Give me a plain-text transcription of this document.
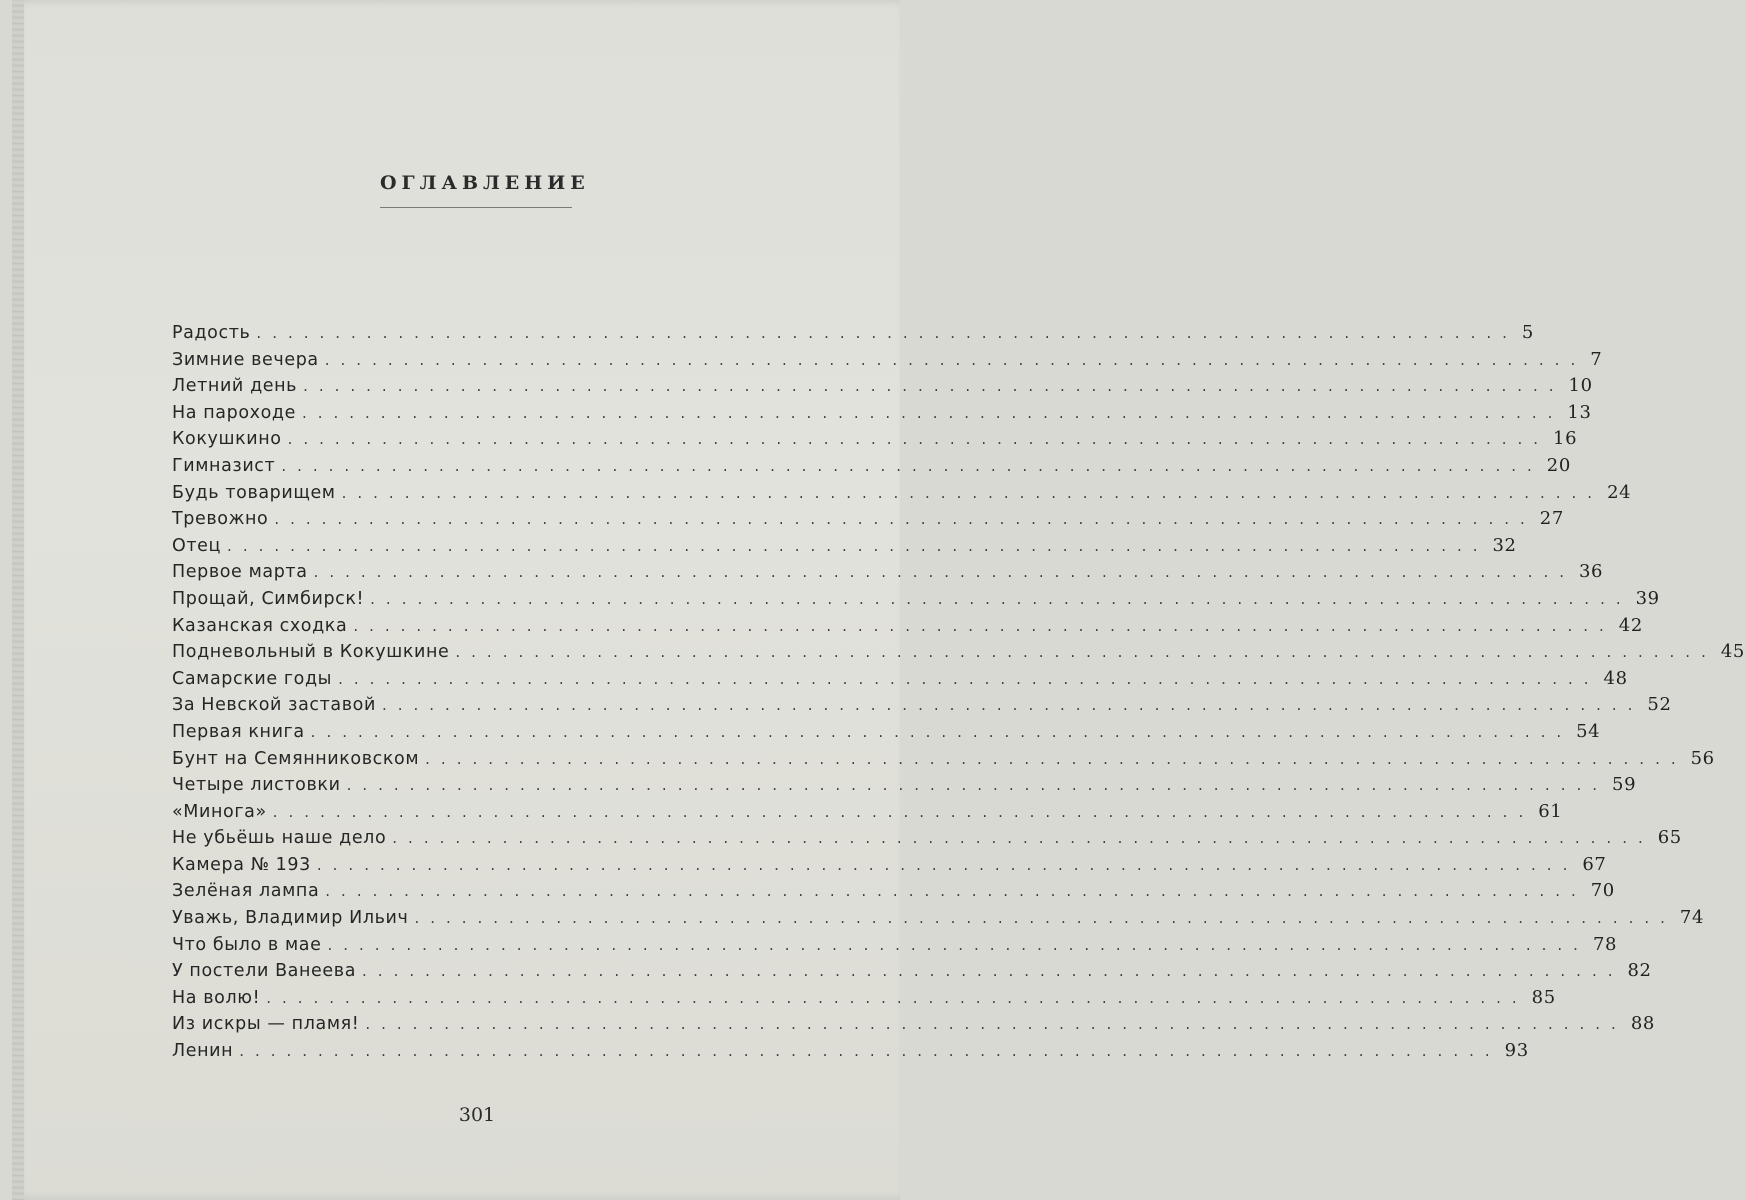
ОГЛАВЛЕНИЕ
Радость ................................................................................ 5
Зимние вечера ................................................................................ 7
Летний день ................................................................................ 10
На пароходе ................................................................................ 13
Кокушкино ................................................................................ 16
Гимназист ................................................................................ 20
Будь товарищем ................................................................................ 24
Тревожно ................................................................................ 27
Отец ................................................................................ 32
Первое марта ................................................................................ 36
Прощай, Симбирск! ................................................................................ 39
Казанская сходка ................................................................................ 42
Подневольный в Кокушкине ................................................................................ 45
Самарские годы ................................................................................ 48
За Невской заставой ................................................................................ 52
Первая книга ................................................................................ 54
Бунт на Семянниковском ................................................................................ 56
Четыре листовки ................................................................................ 59
«Минога» ................................................................................ 61
Не убьёшь наше дело ................................................................................ 65
Камера № 193 ................................................................................ 67
Зелёная лампа ................................................................................ 70
Уважь, Владимир Ильич ................................................................................ 74
Что было в мае ................................................................................ 78
У постели Ванеева ................................................................................ 82
На волю! ................................................................................ 85
Из искры — пламя! ................................................................................ 88
Ленин ................................................................................ 93
301
